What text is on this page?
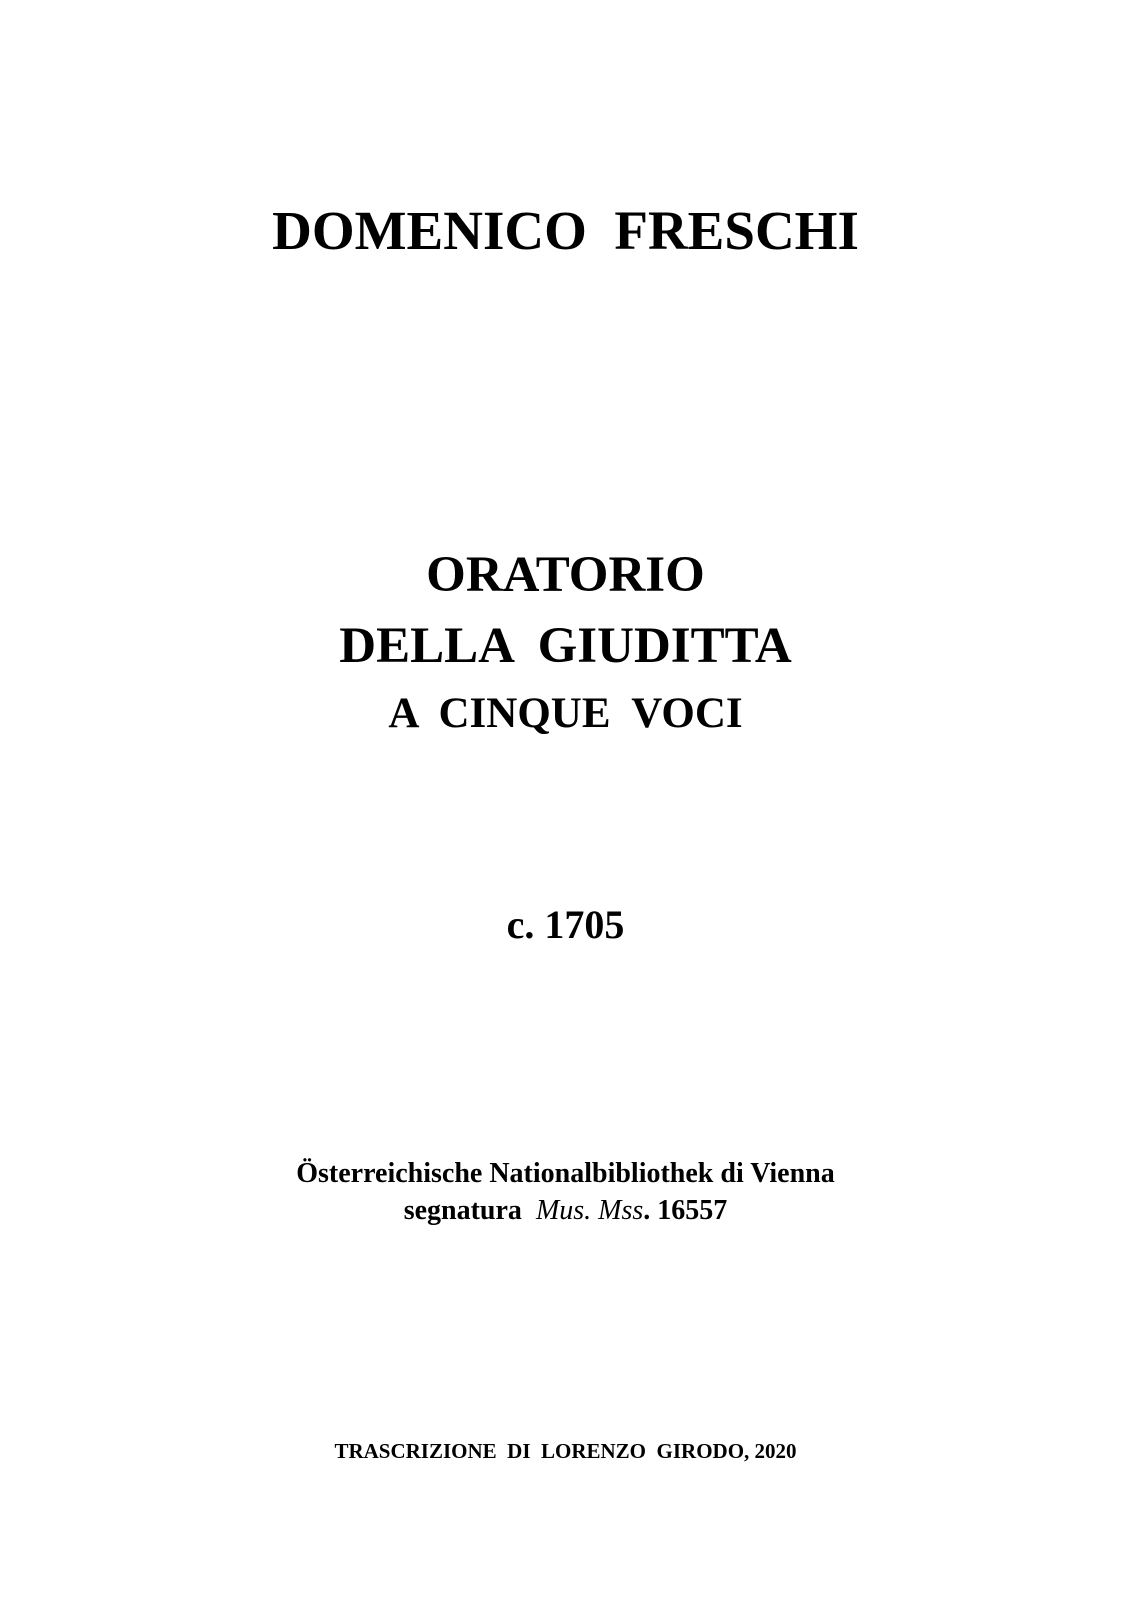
DOMENICO  FRESCHI
ORATORIO
DELLA  GIUDITTA
A  CINQUE  VOCI
c. 1705
Österreichische Nationalbibliothek di Vienna
segnatura  Mus. Mss. 16557
TRASCRIZIONE  DI  LORENZO  GIRODO, 2020
